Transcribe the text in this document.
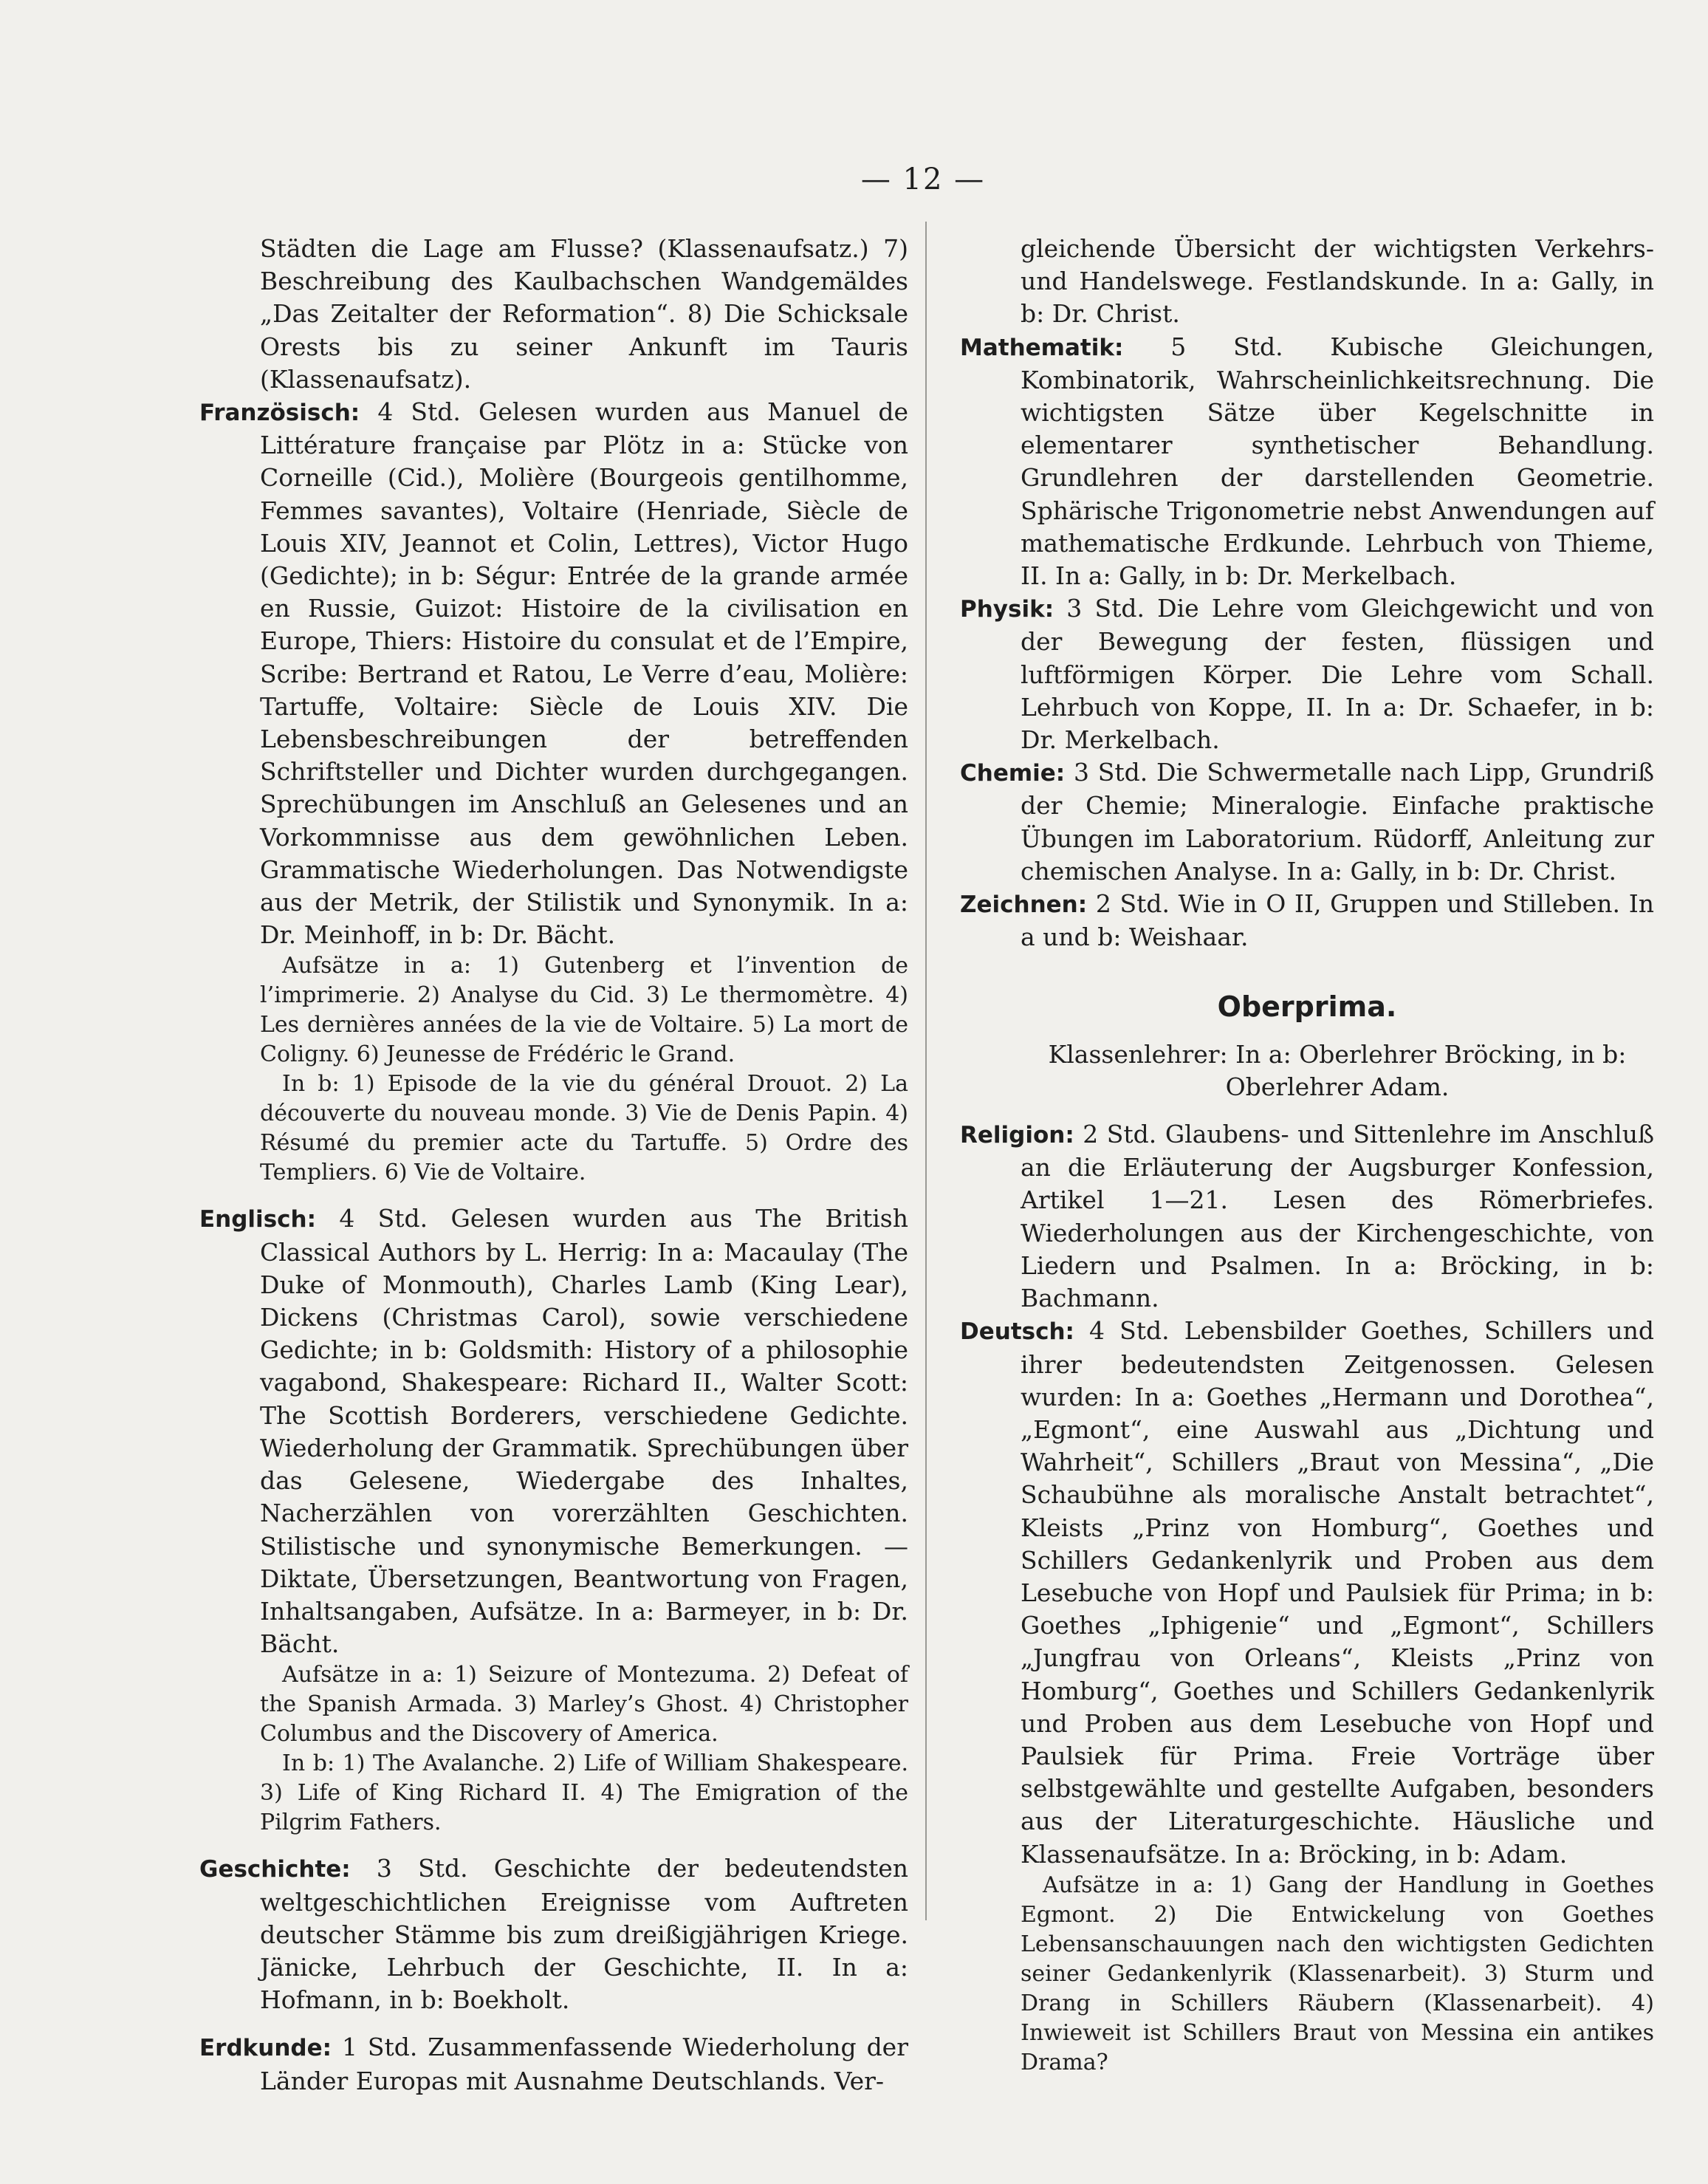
— 12 —

Städten die Lage am Flusse? (Klassenaufsatz.) 7) Beschreibung des Kaulbachschen Wandgemäldes „Das Zeitalter der Reformation“. 8) Die Schicksale Orests bis zu seiner Ankunft im Tauris (Klassenaufsatz).

Französisch: 4 Std. Gelesen wurden aus Manuel de Littérature française par Plötz in a: Stücke von Corneille (Cid.), Molière (Bourgeois gentilhomme, Femmes savantes), Voltaire (Henriade, Siècle de Louis XIV, Jeannot et Colin, Lettres), Victor Hugo (Gedichte); in b: Ségur: Entrée de la grande armée en Russie, Guizot: Histoire de la civilisation en Europe, Thiers: Histoire du consulat et de l’Empire, Scribe: Bertrand et Ratou, Le Verre d’eau, Molière: Tartuffe, Voltaire: Siècle de Louis XIV. Die Lebensbeschreibungen der betreffenden Schriftsteller und Dichter wurden durchgegangen. Sprechübungen im Anschluß an Gelesenes und an Vorkommnisse aus dem gewöhnlichen Leben. Grammatische Wiederholungen. Das Notwendigste aus der Metrik, der Stilistik und Synonymik. In a: Dr. Meinhoff, in b: Dr. Bächt.

Aufsätze in a: 1) Gutenberg et l’invention de l’imprimerie. 2) Analyse du Cid. 3) Le thermomètre. 4) Les dernières années de la vie de Voltaire. 5) La mort de Coligny. 6) Jeunesse de Frédéric le Grand.

In b: 1) Episode de la vie du général Drouot. 2) La découverte du nouveau monde. 3) Vie de Denis Papin. 4) Résumé du premier acte du Tartuffe. 5) Ordre des Templiers. 6) Vie de Voltaire.

Englisch: 4 Std. Gelesen wurden aus The British Classical Authors by L. Herrig: In a: Macaulay (The Duke of Monmouth), Charles Lamb (King Lear), Dickens (Christmas Carol), sowie verschiedene Gedichte; in b: Goldsmith: History of a philosophie vagabond, Shakespeare: Richard II., Walter Scott: The Scottish Borderers, verschiedene Gedichte. Wiederholung der Grammatik. Sprechübungen über das Gelesene, Wiedergabe des Inhaltes, Nacherzählen von vorerzählten Geschichten. Stilistische und synonymische Bemerkungen. — Diktate, Übersetzungen, Beantwortung von Fragen, Inhaltsangaben, Aufsätze. In a: Barmeyer, in b: Dr. Bächt.

Aufsätze in a: 1) Seizure of Montezuma. 2) Defeat of the Spanish Armada. 3) Marley’s Ghost. 4) Christopher Columbus and the Discovery of America.

In b: 1) The Avalanche. 2) Life of William Shakespeare. 3) Life of King Richard II. 4) The Emigration of the Pilgrim Fathers.

Geschichte: 3 Std. Geschichte der bedeutendsten weltgeschichtlichen Ereignisse vom Auftreten deutscher Stämme bis zum dreißigjährigen Kriege. Jänicke, Lehrbuch der Geschichte, II. In a: Hofmann, in b: Boekholt.

Erdkunde: 1 Std. Zusammenfassende Wiederholung der Länder Europas mit Ausnahme Deutschlands. Ver-

gleichende Übersicht der wichtigsten Verkehrs- und Handelswege. Festlandskunde. In a: Gally, in b: Dr. Christ.

Mathematik: 5 Std. Kubische Gleichungen, Kombinatorik, Wahrscheinlichkeitsrechnung. Die wichtigsten Sätze über Kegelschnitte in elementarer synthetischer Behandlung. Grundlehren der darstellenden Geometrie. Sphärische Trigonometrie nebst Anwendungen auf mathematische Erdkunde. Lehrbuch von Thieme, II. In a: Gally, in b: Dr. Merkelbach.

Physik: 3 Std. Die Lehre vom Gleichgewicht und von der Bewegung der festen, flüssigen und luftförmigen Körper. Die Lehre vom Schall. Lehrbuch von Koppe, II. In a: Dr. Schaefer, in b: Dr. Merkelbach.

Chemie: 3 Std. Die Schwermetalle nach Lipp, Grundriß der Chemie; Mineralogie. Einfache praktische Übungen im Laboratorium. Rüdorff, Anleitung zur chemischen Analyse. In a: Gally, in b: Dr. Christ.

Zeichnen: 2 Std. Wie in O II, Gruppen und Stilleben. In a und b: Weishaar.

Oberprima.

Klassenlehrer: In a: Oberlehrer Bröcking, in b: Oberlehrer Adam.

Religion: 2 Std. Glaubens- und Sittenlehre im Anschluß an die Erläuterung der Augsburger Konfession, Artikel 1—21. Lesen des Römerbriefes. Wiederholungen aus der Kirchengeschichte, von Liedern und Psalmen. In a: Bröcking, in b: Bachmann.

Deutsch: 4 Std. Lebensbilder Goethes, Schillers und ihrer bedeutendsten Zeitgenossen. Gelesen wurden: In a: Goethes „Hermann und Dorothea“, „Egmont“, eine Auswahl aus „Dichtung und Wahrheit“, Schillers „Braut von Messina“, „Die Schaubühne als moralische Anstalt betrachtet“, Kleists „Prinz von Homburg“, Goethes und Schillers Gedankenlyrik und Proben aus dem Lesebuche von Hopf und Paulsiek für Prima; in b: Goethes „Iphigenie“ und „Egmont“, Schillers „Jungfrau von Orleans“, Kleists „Prinz von Homburg“, Goethes und Schillers Gedankenlyrik und Proben aus dem Lesebuche von Hopf und Paulsiek für Prima. Freie Vorträge über selbstgewählte und gestellte Aufgaben, besonders aus der Literaturgeschichte. Häusliche und Klassenaufsätze. In a: Bröcking, in b: Adam.

Aufsätze in a: 1) Gang der Handlung in Goethes Egmont. 2) Die Entwickelung von Goethes Lebensanschauungen nach den wichtigsten Gedichten seiner Gedankenlyrik (Klassenarbeit). 3) Sturm und Drang in Schillers Räubern (Klassenarbeit). 4) Inwieweit ist Schillers Braut von Messina ein antikes Drama?
